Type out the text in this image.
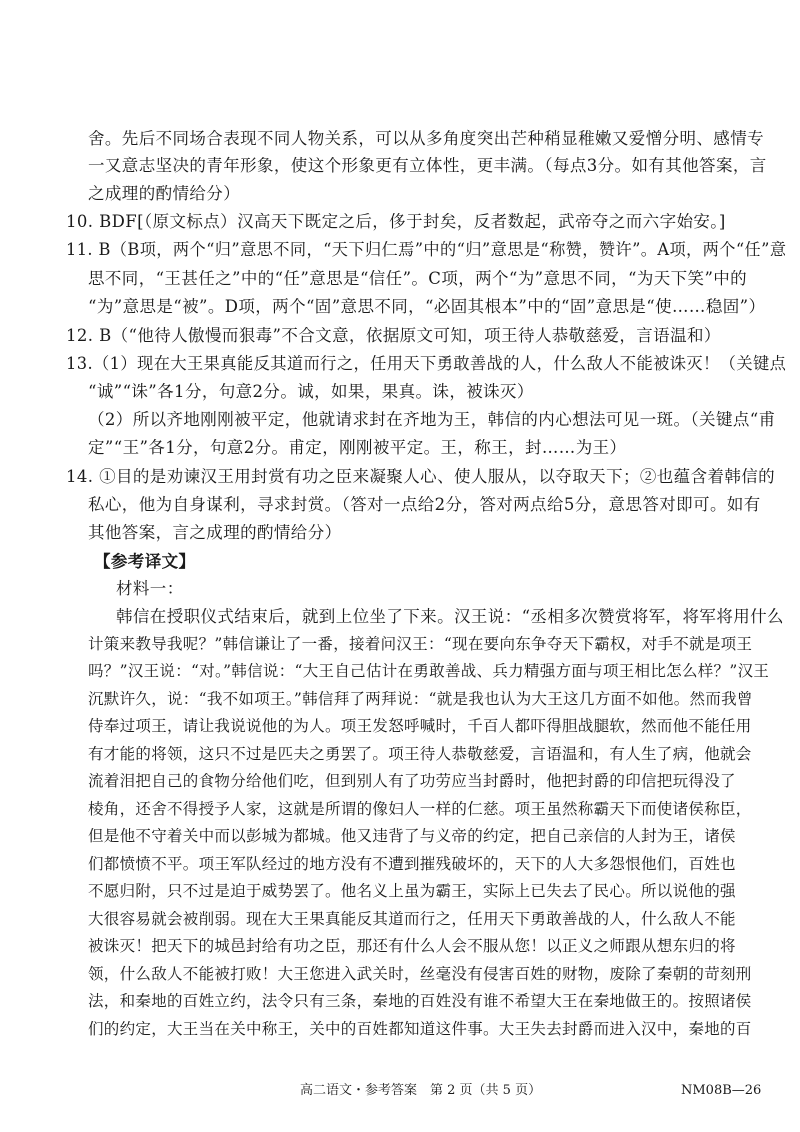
舍。先后不同场合表现不同人物关系，可以从多角度突出芒种稍显稚嫩又爱憎分明、感情专
一又意志坚决的青年形象，使这个形象更有立体性，更丰满。（每点3分。如有其他答案，言
之成理的酌情给分）
10. BDF[（原文标点）汉高天下既定之后，侈于封矣，反者数起，武帝夺之而六字始安。]
11. B（B项，两个“归”意思不同，“天下归仁焉”中的“归”意思是“称赞，赞许”。A项，两个“任”意
思不同，“王甚任之”中的“任”意思是“信任”。C项，两个“为”意思不同，“为天下笑”中的
“为”意思是“被”。D项，两个“固”意思不同，“必固其根本”中的“固”意思是“使……稳固”）
12. B（“他待人傲慢而狠毒”不合文意，依据原文可知，项王待人恭敬慈爱，言语温和）
13.（1）现在大王果真能反其道而行之，任用天下勇敢善战的人，什么敌人不能被诛灭！（关键点
“诚”“诛”各1分，句意2分。诚，如果，果真。诛，被诛灭）
（2）所以齐地刚刚被平定，他就请求封在齐地为王，韩信的内心想法可见一斑。（关键点“甫
定”“王”各1分，句意2分。甫定，刚刚被平定。王，称王，封……为王）
14. ①目的是劝谏汉王用封赏有功之臣来凝聚人心、使人服从，以夺取天下；②也蕴含着韩信的
私心，他为自身谋利，寻求封赏。（答对一点给2分，答对两点给5分，意思答对即可。如有
其他答案，言之成理的酌情给分）
【参考译文】
材料一：
韩信在授职仪式结束后，就到上位坐了下来。汉王说：“丞相多次赞赏将军，将军将用什么
计策来教导我呢？”韩信谦让了一番，接着问汉王：“现在要向东争夺天下霸权，对手不就是项王
吗？”汉王说：“对。”韩信说：“大王自己估计在勇敢善战、兵力精强方面与项王相比怎么样？”汉王
沉默许久，说：“我不如项王。”韩信拜了两拜说：“就是我也认为大王这几方面不如他。然而我曾
侍奉过项王，请让我说说他的为人。项王发怒呼喊时，千百人都吓得胆战腿软，然而他不能任用
有才能的将领，这只不过是匹夫之勇罢了。项王待人恭敬慈爱，言语温和，有人生了病，他就会
流着泪把自己的食物分给他们吃，但到别人有了功劳应当封爵时，他把封爵的印信把玩得没了
棱角，还舍不得授予人家，这就是所谓的像妇人一样的仁慈。项王虽然称霸天下而使诸侯称臣，
但是他不守着关中而以彭城为都城。他又违背了与义帝的约定，把自己亲信的人封为王，诸侯
们都愤愤不平。项王军队经过的地方没有不遭到摧残破坏的，天下的人大多怨恨他们，百姓也
不愿归附，只不过是迫于威势罢了。他名义上虽为霸王，实际上已失去了民心。所以说他的强
大很容易就会被削弱。现在大王果真能反其道而行之，任用天下勇敢善战的人，什么敌人不能
被诛灭！把天下的城邑封给有功之臣，那还有什么人会不服从您！以正义之师跟从想东归的将
领，什么敌人不能被打败！大王您进入武关时，丝毫没有侵害百姓的财物，废除了秦朝的苛刻刑
法，和秦地的百姓立约，法令只有三条，秦地的百姓没有谁不希望大王在秦地做王的。按照诸侯
们的约定，大王当在关中称王，关中的百姓都知道这件事。大王失去封爵而进入汉中，秦地的百
高二语文・参考答案　第 2 页（共 5 页）	NM08B—26
